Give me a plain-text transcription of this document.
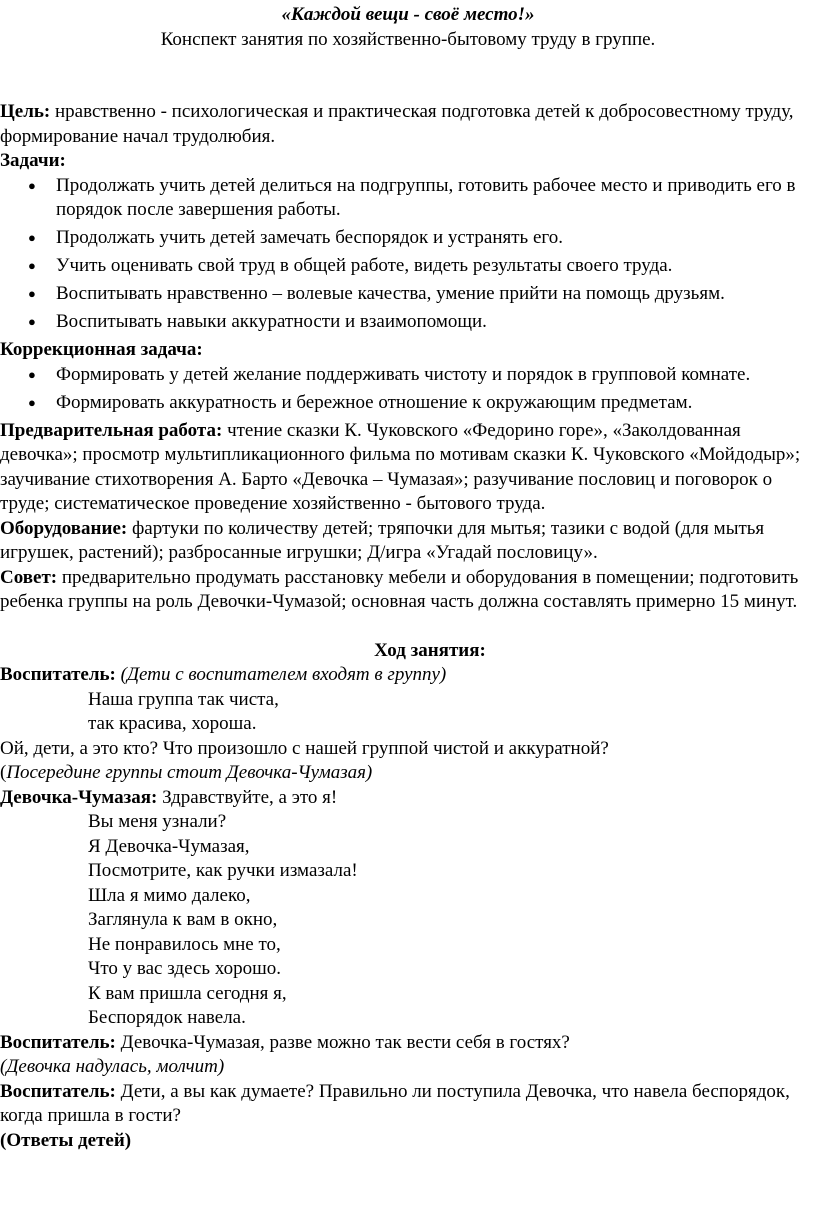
«Каждой вещи - своё место!»
Конспект занятия по хозяйственно-бытовому труду в группе.

Цель: нравственно - психологическая и практическая подготовка детей к добросовестному труду, формирование начал трудолюбия.

Задачи:

● Продолжать учить детей делиться на подгруппы, готовить рабочее место и приводить его в порядок после завершения работы.
● Продолжать учить детей замечать беспорядок и устранять его.
● Учить оценивать свой труд в общей работе, видеть результаты своего труда.
● Воспитывать нравственно – волевые качества, умение прийти на помощь друзьям.
● Воспитывать навыки аккуратности и взаимопомощи.

Коррекционная задача:

● Формировать у детей желание поддерживать чистоту и порядок в групповой комнате.
● Формировать аккуратность и бережное отношение к окружающим предметам.

Предварительная работа: чтение сказки К. Чуковского «Федорино горе», «Заколдованная девочка»; просмотр мультипликационного фильма по мотивам сказки К. Чуковского «Мойдодыр»; заучивание стихотворения А. Барто «Девочка – Чумазая»; разучивание пословиц и поговорок о труде; систематическое проведение хозяйственно - бытового труда.

Оборудование: фартуки по количеству детей; тряпочки для мытья; тазики с водой (для мытья игрушек, растений); разбросанные игрушки; Д/игра «Угадай пословицу».

Совет: предварительно продумать расстановку мебели и оборудования в помещении; подготовить ребенка группы на роль Девочки-Чумазой; основная часть должна составлять примерно 15 минут.

Ход занятия:

Воспитатель: (Дети с воспитателем входят в группу)

Наша группа так чиста,

так красива, хороша.

Ой, дети, а это кто? Что произошло с нашей группой чистой и аккуратной?

(Посередине группы стоит Девочка-Чумазая)

Девочка-Чумазая: Здравствуйте, а это я!

Вы меня узнали?

Я Девочка-Чумазая,

Посмотрите, как ручки измазала!

Шла я мимо далеко,

Заглянула к вам в окно,

Не понравилось мне то,

Что у вас здесь хорошо.

К вам пришла сегодня я,

Беспорядок навела.

Воспитатель: Девочка-Чумазая, разве можно так вести себя в гостях?

(Девочка надулась, молчит)

Воспитатель: Дети, а вы как думаете? Правильно ли поступила Девочка, что навела беспорядок, когда пришла в гости?

(Ответы детей)
